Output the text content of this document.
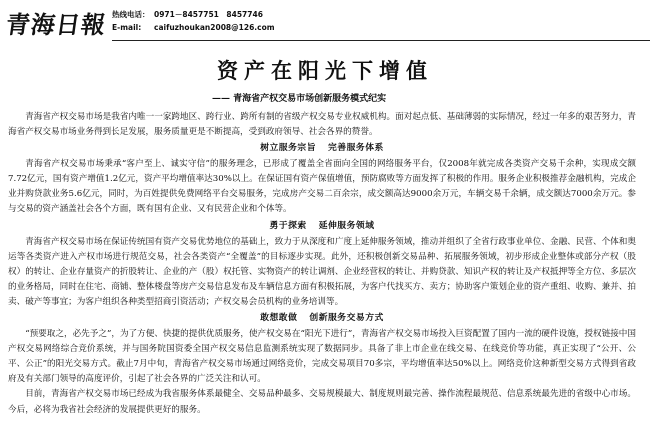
青海日報 热线电话： 0971－8457751　8457746
E-mail: caifuzhoukan2008@126.com
资产在阳光下增值
—— 青海省产权交易市场创新服务模式纪实

青海省产权交易市场是我省内唯一一家跨地区、跨行业、跨所有制的省级产权交易专业权威机构。面对起点低、基础薄弱的实际情况，经过一年多的艰苦努力，青海省产权交易市场业务得到长足发展，服务质量更是不断提高，受到政府领导、社会各界的赞誉。

树立服务宗旨 完善服务体系

青海省产权交易市场秉承“客户至上、诚实守信”的服务理念，已形成了覆盖全省面向全国的网络服务平台，仅2008年就完成各类资产交易千余种，实现成交额7.72亿元，国有资产增值1.2亿元，资产平均增值率达30%以上。在保证国有资产保值增值，预防腐败等方面发挥了积极的作用。服务企业积极推荐金融机构，完成企业并购贷款业务5.6亿元，同时，为百姓提供免费网络平台交易服务，完成房产交易二百余宗，成交额高达9000余万元，车辆交易千余辆，成交额达7000余万元。参与交易的资产涵盖社会各个方面，既有国有企业、又有民营企业和个体等。

勇于探索 延伸服务领域

青海省产权交易市场在保证传统国有资产交易优势地位的基础上，致力于从深度和广度上延伸服务领域，推动并组织了全省行政事业单位、金融、民营、个体和奥运等各类资产进入产权市场进行规范交易，社会各类资产“全覆盖”的目标逐步实现。此外，还积极创新交易品种、拓展服务领域，初步形成企业整体或部分产权（股权）的转让、企业存量资产的折股转让、企业的产（股）权托管、实物资产的转让调剂、企业经营权的转让、并购贷款、知识产权的转让及产权抵押等全方位、多层次的业务格局，同时在住宅、商铺、整体楼盘等房产交易信息发布及车辆信息方面有积极拓展，为客户代找买方、卖方；协助客户策划企业的资产重组、收购、兼并、拍卖、破产等事宜；为客户组织各种类型招商引资活动；产权交易会员机构的业务培训等。

敢想敢做 创新服务交易方式

“预要取之，必先予之”，为了方便、快捷的提供优质服务，使产权交易在“阳光下进行”，青海省产权交易市场投入巨资配置了国内一流的硬件设施，授权链接中国产权交易网络综合竞价系统，并与国务院国资委全国产权交易信息监测系统实现了数据同步。具备了非上市企业在线交易、在线竞价等功能，真正实现了“公开、公平、公正”的阳光交易方式。截止7月中旬，青海省产权交易市场通过网络竞价，完成交易项目70多宗，平均增值率达50%以上。网络竞价这种新型交易方式得到省政府及有关部门领导的高度评价，引起了社会各界的广泛关注和认可。

目前，青海省产权交易市场已经成为我省服务体系最健全、交易品种最多、交易规模最大、制度规则最完善、操作流程最规范、信息系统最先进的省级中心市场。今后，必将为我省社会经济的发展提供更好的服务。
